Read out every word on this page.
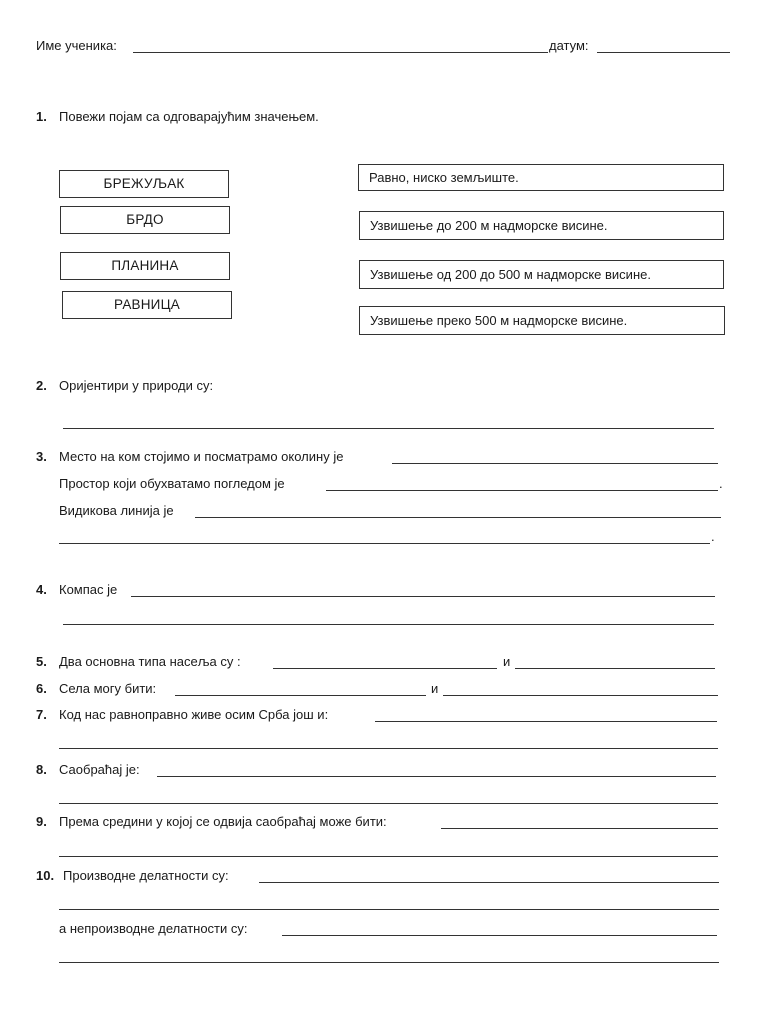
Име ученика:	датум:
1. Повежи појам са одговарајућим значењем.
БРЕЖУЉАК
БРДО
ПЛАНИНА
РАВНИЦА
Равно, ниско земљиште.
Узвишење до 200 м надморске висине.
Узвишење од 200 до 500 м надморске висине.
Узвишење преко 500 м надморске висине.
2. Оријентири у природи су:
3. Место на ком стојимо и посматрамо околину је
Простор који обухватамо погледом је	.
Видикова линија је
.
4. Компас је
5. Два основна типа насеља су :	и
6. Села могу бити:	и
7. Код нас равноправно живе осим Срба још и:
8. Саобраћај је:
9. Према средини у којој се одвија саобраћај може бити:
10. Производне делатности су:
а непроизводне делатности су:
